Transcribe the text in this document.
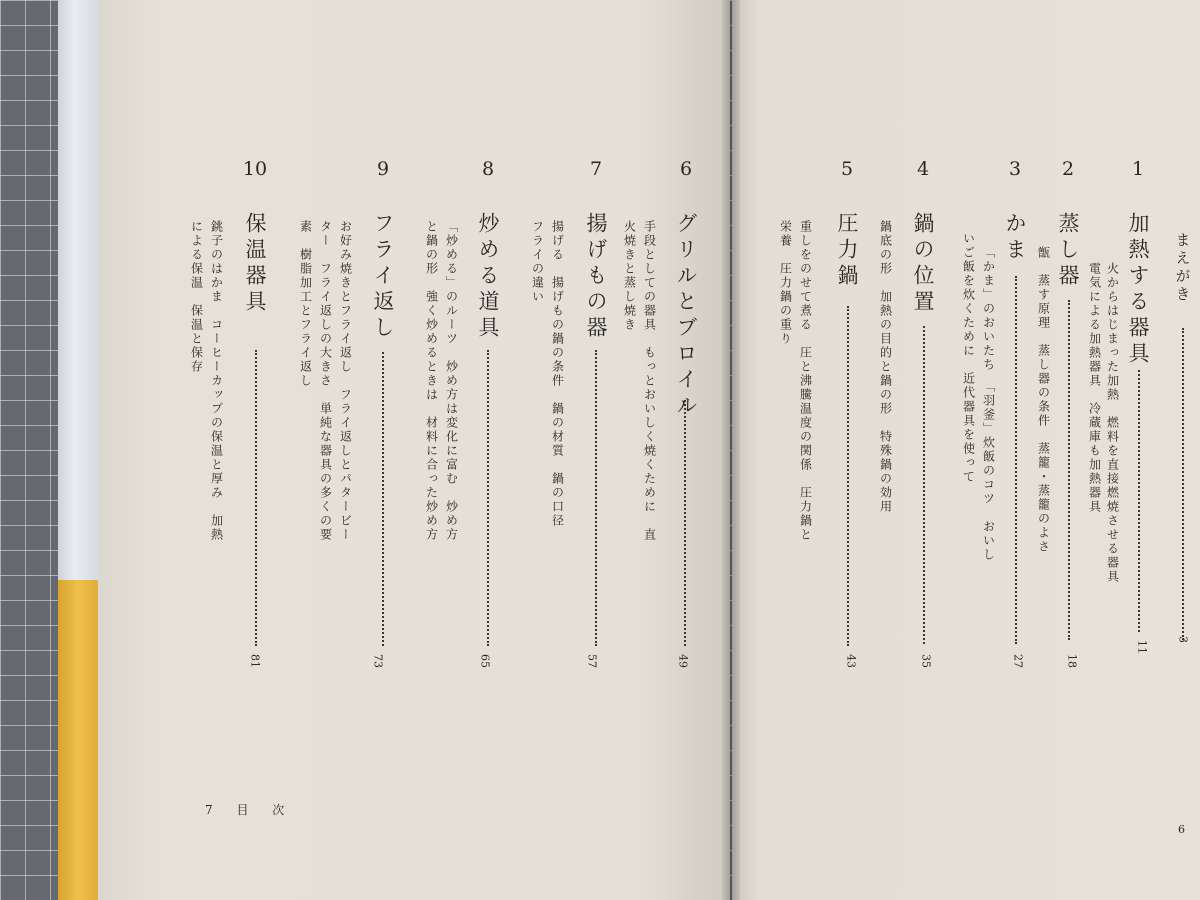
まえがき
3
1
加熱する器具
11
火からはじまった加熱　燃料を直接燃焼させる器具
電気による加熱器具　冷蔵庫も加熱器具
2
蒸し器
18
甑　蒸す原理　蒸し器の条件　蒸籠・蒸籠のよさ
3
かま
27
「かま」のおいたち　「羽釜」炊飯のコツ　おいし
いご飯を炊くために　近代器具を使って
4
鍋の位置
35
鍋底の形　加熱の目的と鍋の形　特殊鍋の効用
5
圧力鍋
43
重しをのせて煮る　圧と沸騰温度の関係　圧力鍋と
栄養　圧力鍋の重り
6
グリルとブロイル
49
手段としての器具　もっとおいしく焼くために　直
火焼きと蒸し焼き
7
揚げもの器
57
揚げる　揚げもの鍋の条件　鍋の材質　鍋の口径
フライの違い
8
炒める道具
65
「炒める」のルーツ　炒め方は変化に富む　炒め方
と鍋の形　強く炒めるときは　材料に合った炒め方
9
フライ返し
73
お好み焼きとフライ返し　フライ返しとパタービー
ター　フライ返しの大きさ　単純な器具の多くの要
素　樹脂加工とフライ返し
10
保温器具
81
銚子のはかま　コーヒーカップの保温と厚み　加熱
による保温　保温と保存
7 目 次
6
